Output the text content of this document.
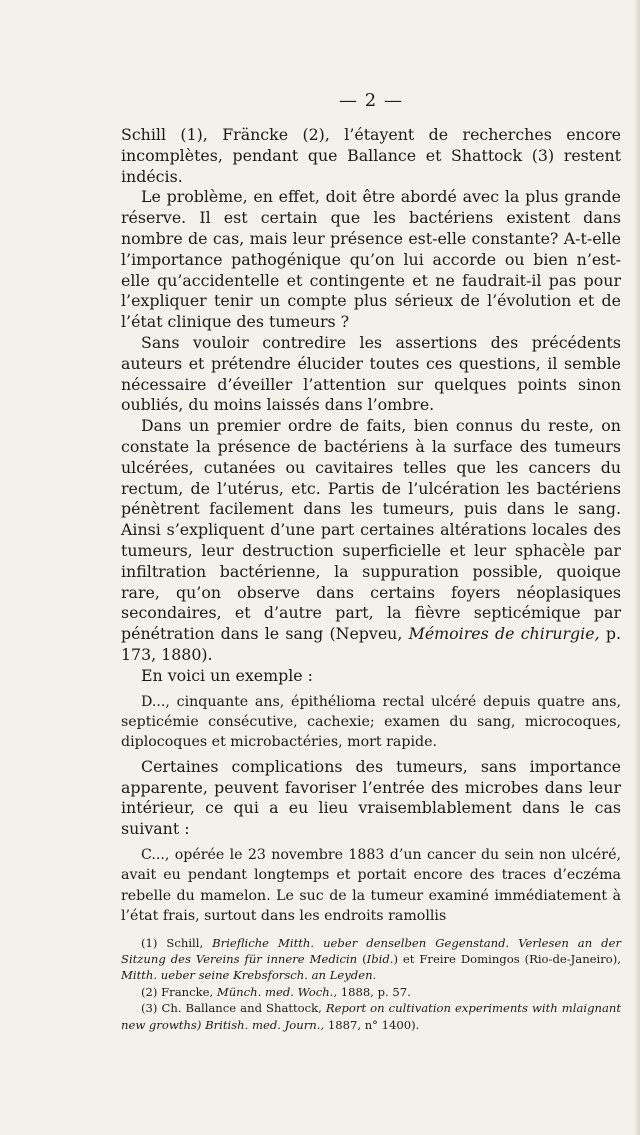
— 2 —

Schill (1), Fräncke (2), l’étayent de recherches encore incomplètes, pendant que Ballance et Shattock (3) restent indécis.

Le problème, en effet, doit être abordé avec la plus grande réserve. Il est certain que les bactériens existent dans nombre de cas, mais leur présence est-elle constante? A-t-elle l’importance pathogénique qu’on lui accorde ou bien n’est-elle qu’accidentelle et contingente et ne faudrait-il pas pour l’expliquer tenir un compte plus sérieux de l’évolution et de l’état clinique des tumeurs ?

Sans vouloir contredire les assertions des précédents auteurs et prétendre élucider toutes ces questions, il semble nécessaire d’éveiller l’attention sur quelques points sinon oubliés, du moins laissés dans l’ombre.

Dans un premier ordre de faits, bien connus du reste, on constate la présence de bactériens à la surface des tumeurs ulcérées, cutanées ou cavitaires telles que les cancers du rectum, de l’utérus, etc. Partis de l’ulcération les bactériens pénètrent facilement dans les tumeurs, puis dans le sang. Ainsi s’expliquent d’une part certaines altérations locales des tumeurs, leur destruction superficielle et leur sphacèle par infiltration bactérienne, la suppuration possible, quoique rare, qu’on observe dans certains foyers néoplasiques secondaires, et d’autre part, la fièvre septicémique par pénétration dans le sang (Nepveu, Mémoires de chirurgie, p. 173, 1880).

En voici un exemple :

D..., cinquante ans, épithélioma rectal ulcéré depuis quatre ans, septicémie consécutive, cachexie; examen du sang, microcoques, diplocoques et microbactéries, mort rapide.

Certaines complications des tumeurs, sans importance apparente, peuvent favoriser l’entrée des microbes dans leur intérieur, ce qui a eu lieu vraisemblablement dans le cas suivant :

C..., opérée le 23 novembre 1883 d’un cancer du sein non ulcéré, avait eu pendant longtemps et portait encore des traces d’eczéma rebelle du mamelon. Le suc de la tumeur examiné immédiatement à l’état frais, surtout dans les endroits ramollis

(1) Schill, Briefliche Mitth. ueber denselben Gegenstand. Verlesen an der Sitzung des Vereins für innere Medicin (Ibid.) et Freire Domingos (Rio-de-Janeiro), Mitth. ueber seine Krebsforsch. an Leyden.

(2) Francke, Münch. med. Woch., 1888, p. 57.

(3) Ch. Ballance and Shattock, Report on cultivation experiments with mlaignant new growths) British. med. Journ., 1887, n° 1400).
